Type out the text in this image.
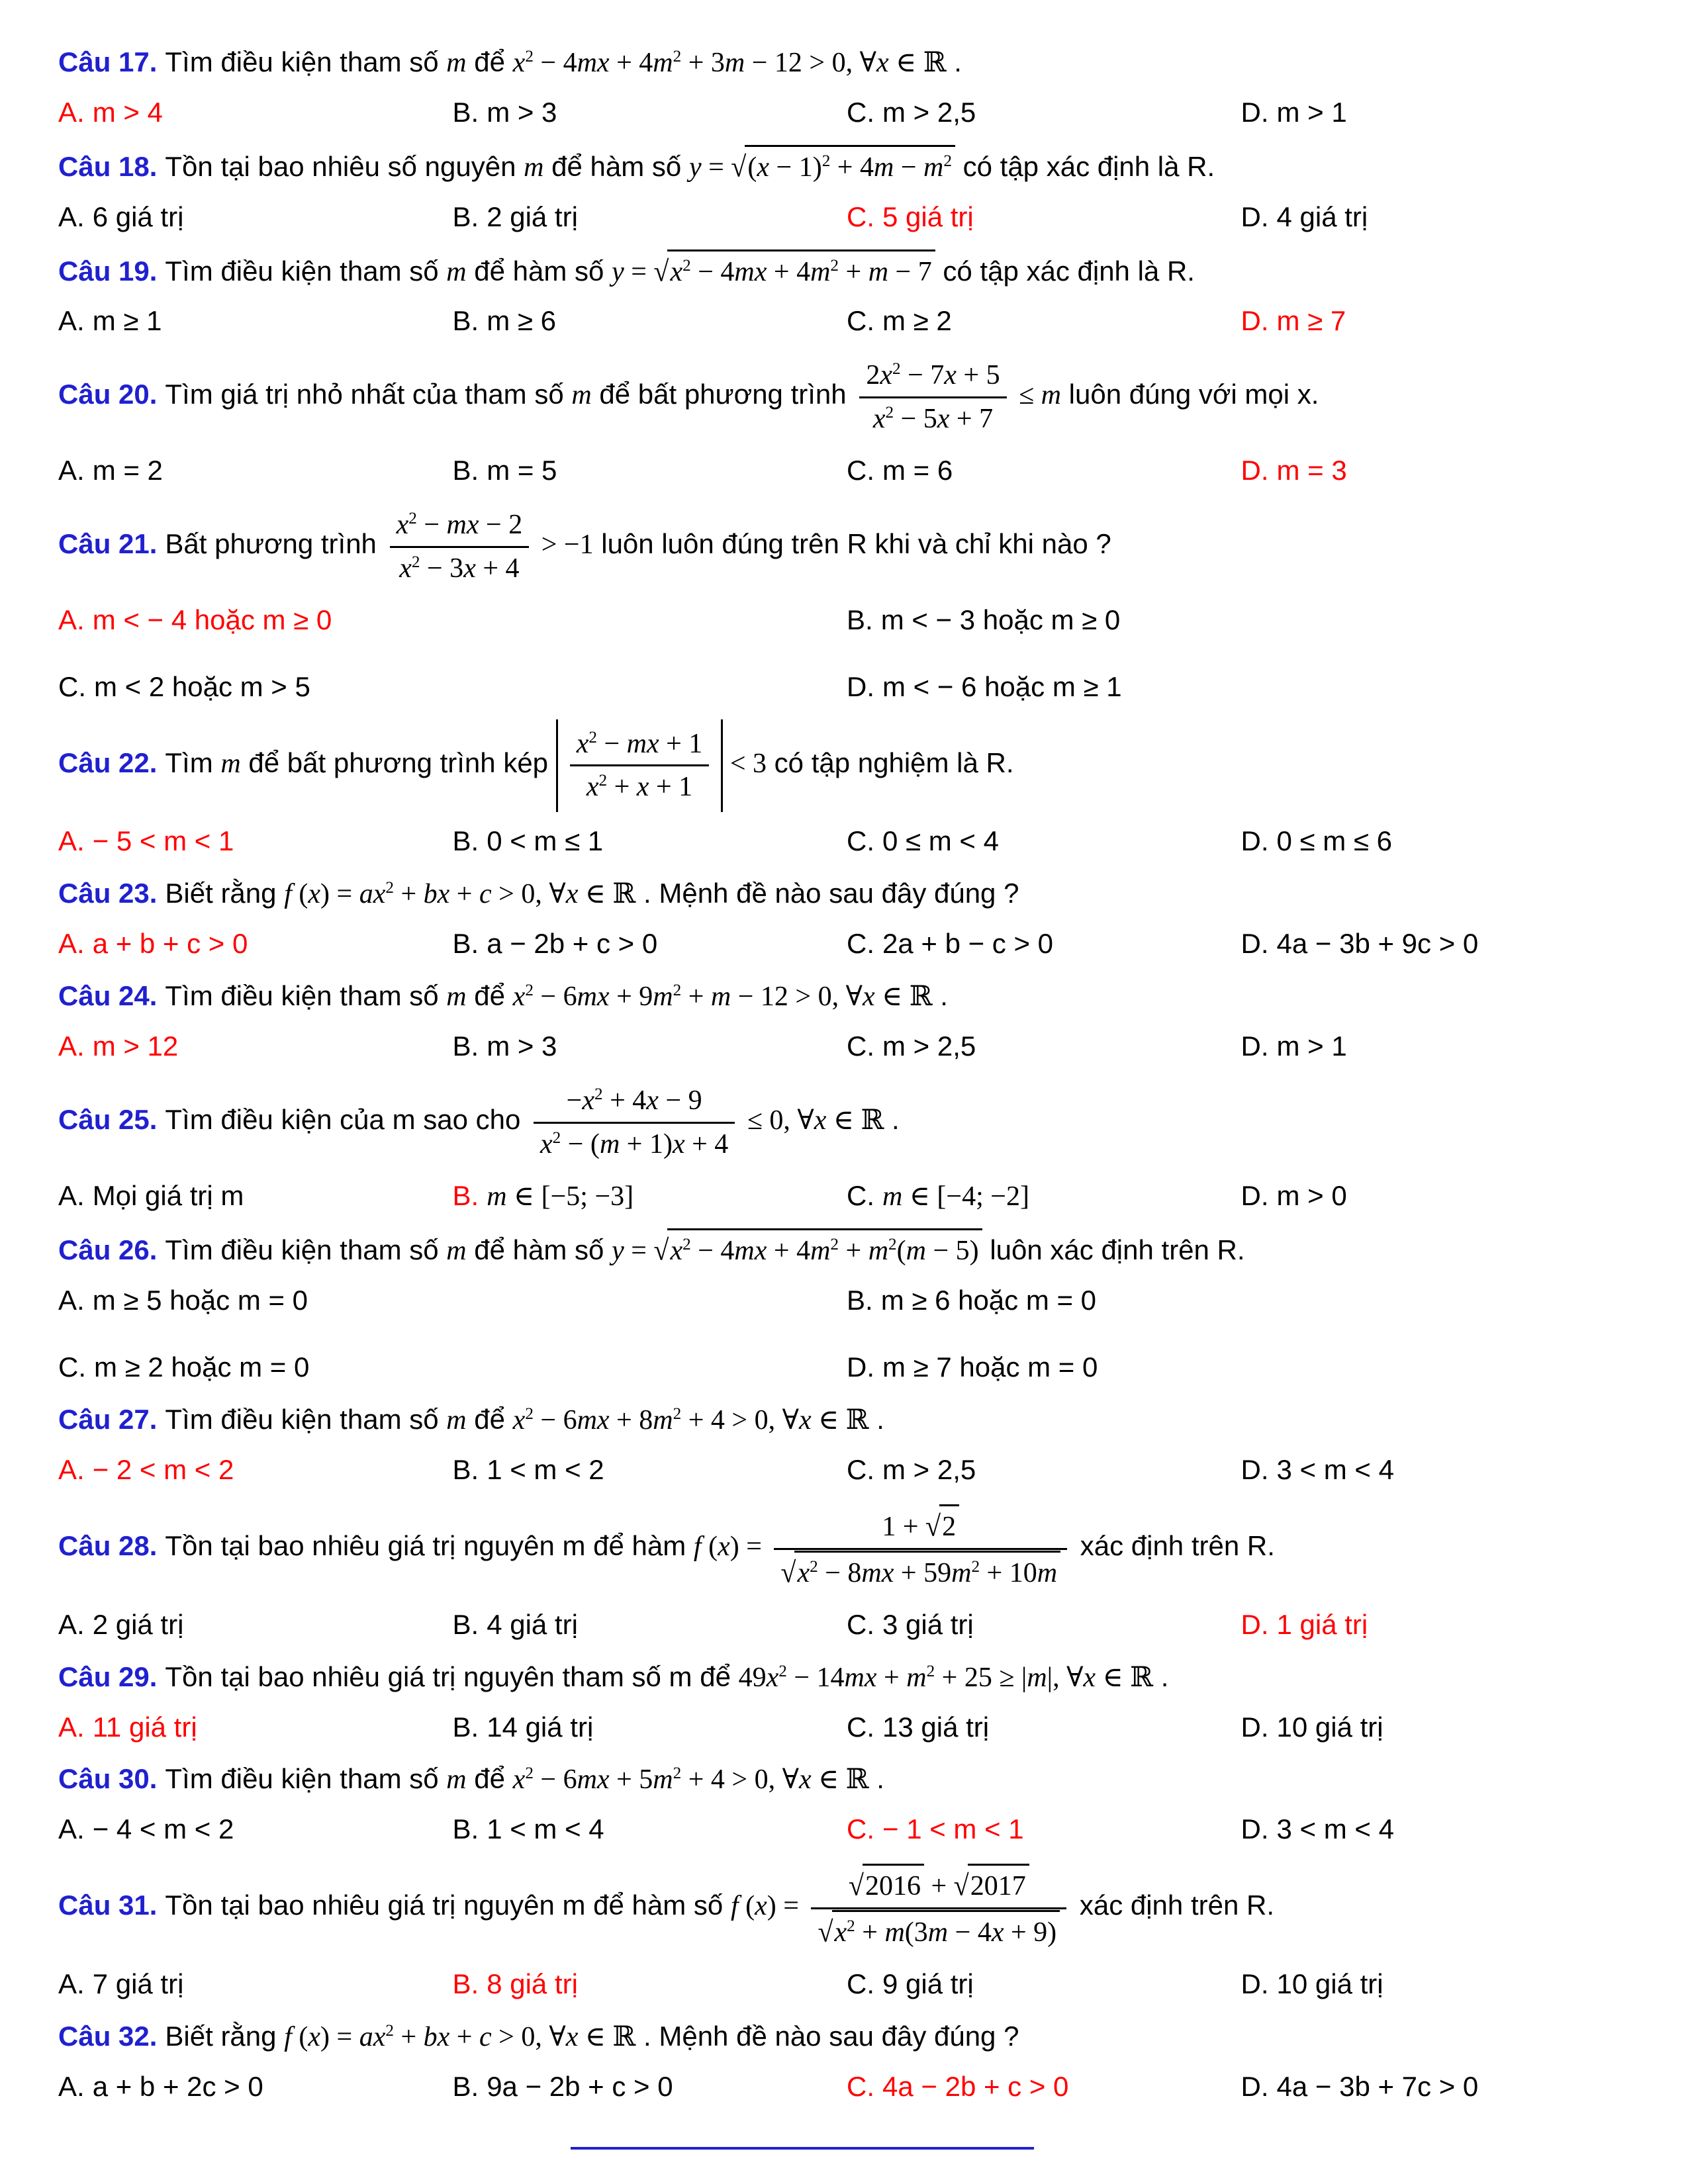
Câu 17. Tìm điều kiện tham số m để $x^2 - 4mx + 4m^2 + 3m - 12 > 0$, ∀x ∈ ℝ .

A. m > 4	B. m > 3	C. m > 2,5	D. m > 1

Câu 18. Tồn tại bao nhiêu số nguyên m để hàm số y = √ $(x - 1)^2 + 4m - m^2$ có tập xác định là R.

A. 6 giá trị	B. 2 giá trị	C. 5 giá trị	D. 4 giá trị

Câu 19. Tìm điều kiện tham số m để hàm số y = √ $x^2 - 4mx + 4m^2 + m - 7$ có tập xác định là R.

A. m ≥ 1	B. m ≥ 6	C. m ≥ 2	D. m ≥ 7

Câu 20. Tìm giá trị nhỏ nhất của tham số m để bất phương trình $\frac{2x^2 - 7x + 5}{x^2 - 5x + 7} \le m$ luôn đúng với mọi x.

A. m = 2	B. m = 5	C. m = 6	D. m = 3

Câu 21. Bất phương trình $\frac{x^2 - mx - 2}{x^2 - 3x + 4} > -1$ luôn luôn đúng trên R khi và chỉ khi nào ?

A. m < − 4 hoặc m ≥ 0	B. m < − 3 hoặc m ≥ 0
C. m < 2 hoặc m > 5	D. m < − 6 hoặc m ≥ 1

Câu 22. Tìm m để bất phương trình kép $\frac{x^2 - mx + 1}{x^2 + x + 1} < 3$ có tập nghiệm là R.

A. − 5 < m < 1	B. 0 < m ≤ 1	C. 0 ≤ m < 4	D. 0 ≤ m ≤ 6

Câu 23. Biết rằng f $(x) = ax^2$ + bx + c > 0, ∀x ∈ ℝ . Mệnh đề nào sau đây đúng ?

A. a + b + c > 0	B. a − 2b + c > 0	C. 2a + b − c > 0	D. 4a − 3b + 9c > 0

Câu 24. Tìm điều kiện tham số m để $x^2 - 6mx + 9m^2 + m - 12 > 0$, ∀x ∈ ℝ .

A. m > 12	B. m > 3	C. m > 2,5	D. m > 1

Câu 25. Tìm điều kiện của m sao cho $\frac{-x^2 + 4x - 9}{x^2 - (m + 1)x + 4} \le 0$, ∀x ∈ ℝ .

A. Mọi giá trị m	B. m ∈ [−5; −3]	C. m ∈ [−4; −2]	D. m > 0

Câu 26. Tìm điều kiện tham số m để hàm số y = √ $x^2 - 4mx + 4m^2 + m^2(m - 5)$ luôn xác định trên R.

A. m ≥ 5 hoặc m = 0	B. m ≥ 6 hoặc m = 0
C. m ≥ 2 hoặc m = 0	D. m ≥ 7 hoặc m = 0

Câu 27. Tìm điều kiện tham số m để $x^2 - 6mx + 8m^2 + 4 > 0$, ∀x ∈ ℝ .

A. − 2 < m < 2	B. 1 < m < 2	C. m > 2,5	D. 3 < m < 4

Câu 28. Tồn tại bao nhiêu giá trị nguyên m để hàm f (x) = 1 + √ 2
√ $x^2 - 8mx + 59m^2 + 10m$ xác định trên R.

A. 2 giá trị	B. 4 giá trị	C. 3 giá trị	D. 1 giá trị

Câu 29. Tồn tại bao nhiêu giá trị nguyên tham số m để $49x^2 - 14mx + m^2 + 25 \ge |m|$, ∀x ∈ ℝ .

A. 11 giá trị	B. 14 giá trị	C. 13 giá trị	D. 10 giá trị

Câu 30. Tìm điều kiện tham số m để $x^2 - 6mx + 5m^2 + 4 > 0$, ∀x ∈ ℝ .

A. − 4 < m < 2	B. 1 < m < 4	C. − 1 < m < 1	D. 3 < m < 4

Câu 31. Tồn tại bao nhiêu giá trị nguyên m để hàm số f (x) = √ 2016 + √ 2017
√ $x^2 + m(3m - 4x + 9)$ xác định trên R.

A. 7 giá trị	B. 8 giá trị	C. 9 giá trị	D. 10 giá trị

Câu 32. Biết rằng f $(x) = ax^2$ + bx + c > 0, ∀x ∈ ℝ . Mệnh đề nào sau đây đúng ?

A. a + b + 2c > 0	B. 9a − 2b + c > 0	C. 4a − 2b + c > 0	D. 4a − 3b + 7c > 0
